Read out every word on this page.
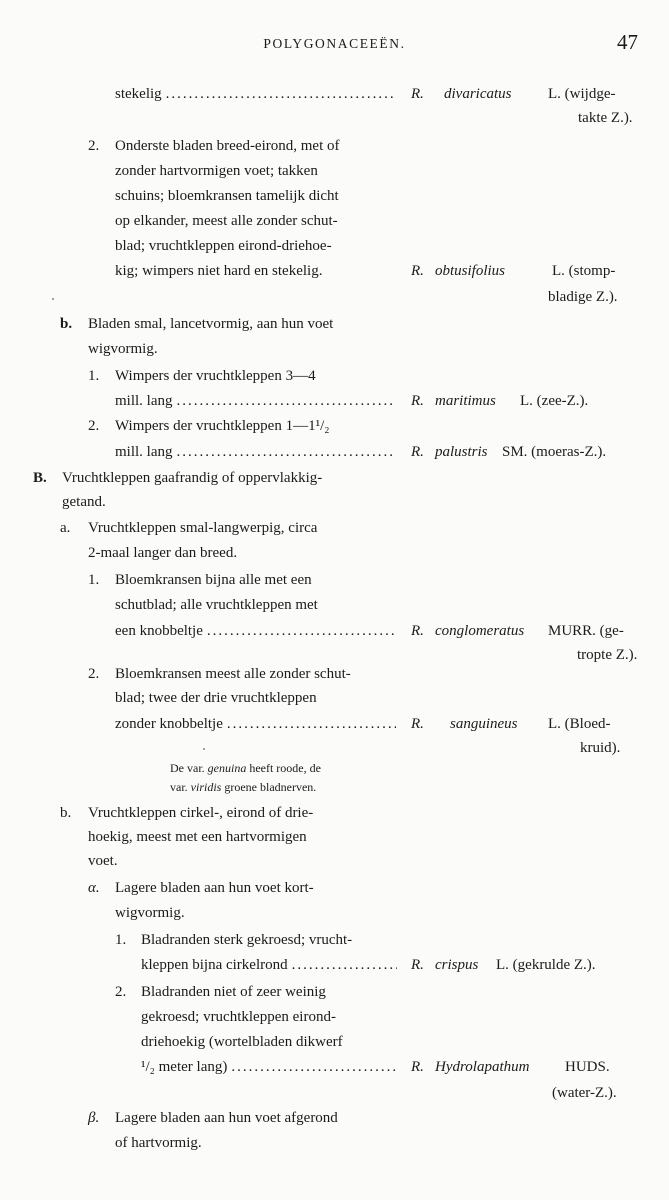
POLYGONACEEËN.	47
stekelig .....	R. divaricatus L. (wijdge-
takte Z.).
2. Onderste bladen breed-eirond, met of
zonder hartvormigen voet; takken
schuins; bloemkransen tamelijk dicht
op elkander, meest alle zonder schut-
blad; vruchtkleppen eirond-driehoe-
kig; wimpers niet hard en stekelig.	R. obtusifolius	L. (stomp-
bladige Z.).
b. Bladen smal, lancetvormig, aan hun voet
wigvormig.
1. Wimpers der vruchtkleppen 3—4
mill. lang .....	R. maritimus L. (zee-Z.).
2. Wimpers der vruchtkleppen 1—1¹/₂
mill. lang .....	R. palustris SM. (moeras-Z.).
B. Vruchtkleppen gaafrandig of oppervlakkig-
getand.
a. Vruchtkleppen smal-langwerpig, circa
2-maal langer dan breed.
1. Bloemkransen bijna alle met een
schutblad; alle vruchtkleppen met
een knobbeltje .....	R. conglomeratus MURR. (ge-
tropte Z.).
2. Bloemkransen meest alle zonder schut-
blad; twee der drie vruchtkleppen
zonder knobbeltje .....	R. sanguineus L. (Bloed-
kruid).
De var. genuina heeft roode, de
var. viridis groene bladnerven.
b. Vruchtkleppen cirkel-, eirond of drie-
hoekig, meest met een hartvormigen
voet.
α. Lagere bladen aan hun voet kort-
wigvormig.
1. Bladranden sterk gekroesd; vrucht-
kleppen bijna cirkelrond .....	R. crispus L. (gekrulde Z.).
2. Bladranden niet of zeer weinig
gekroesd; vruchtkleppen eirond-
driehoekig (wortelbladen dikwerf
¹/₂ meter lang) .....	R. Hydrolapathum HUDS.
(water-Z.).
β. Lagere bladen aan hun voet afgerond
of hartvormig.
